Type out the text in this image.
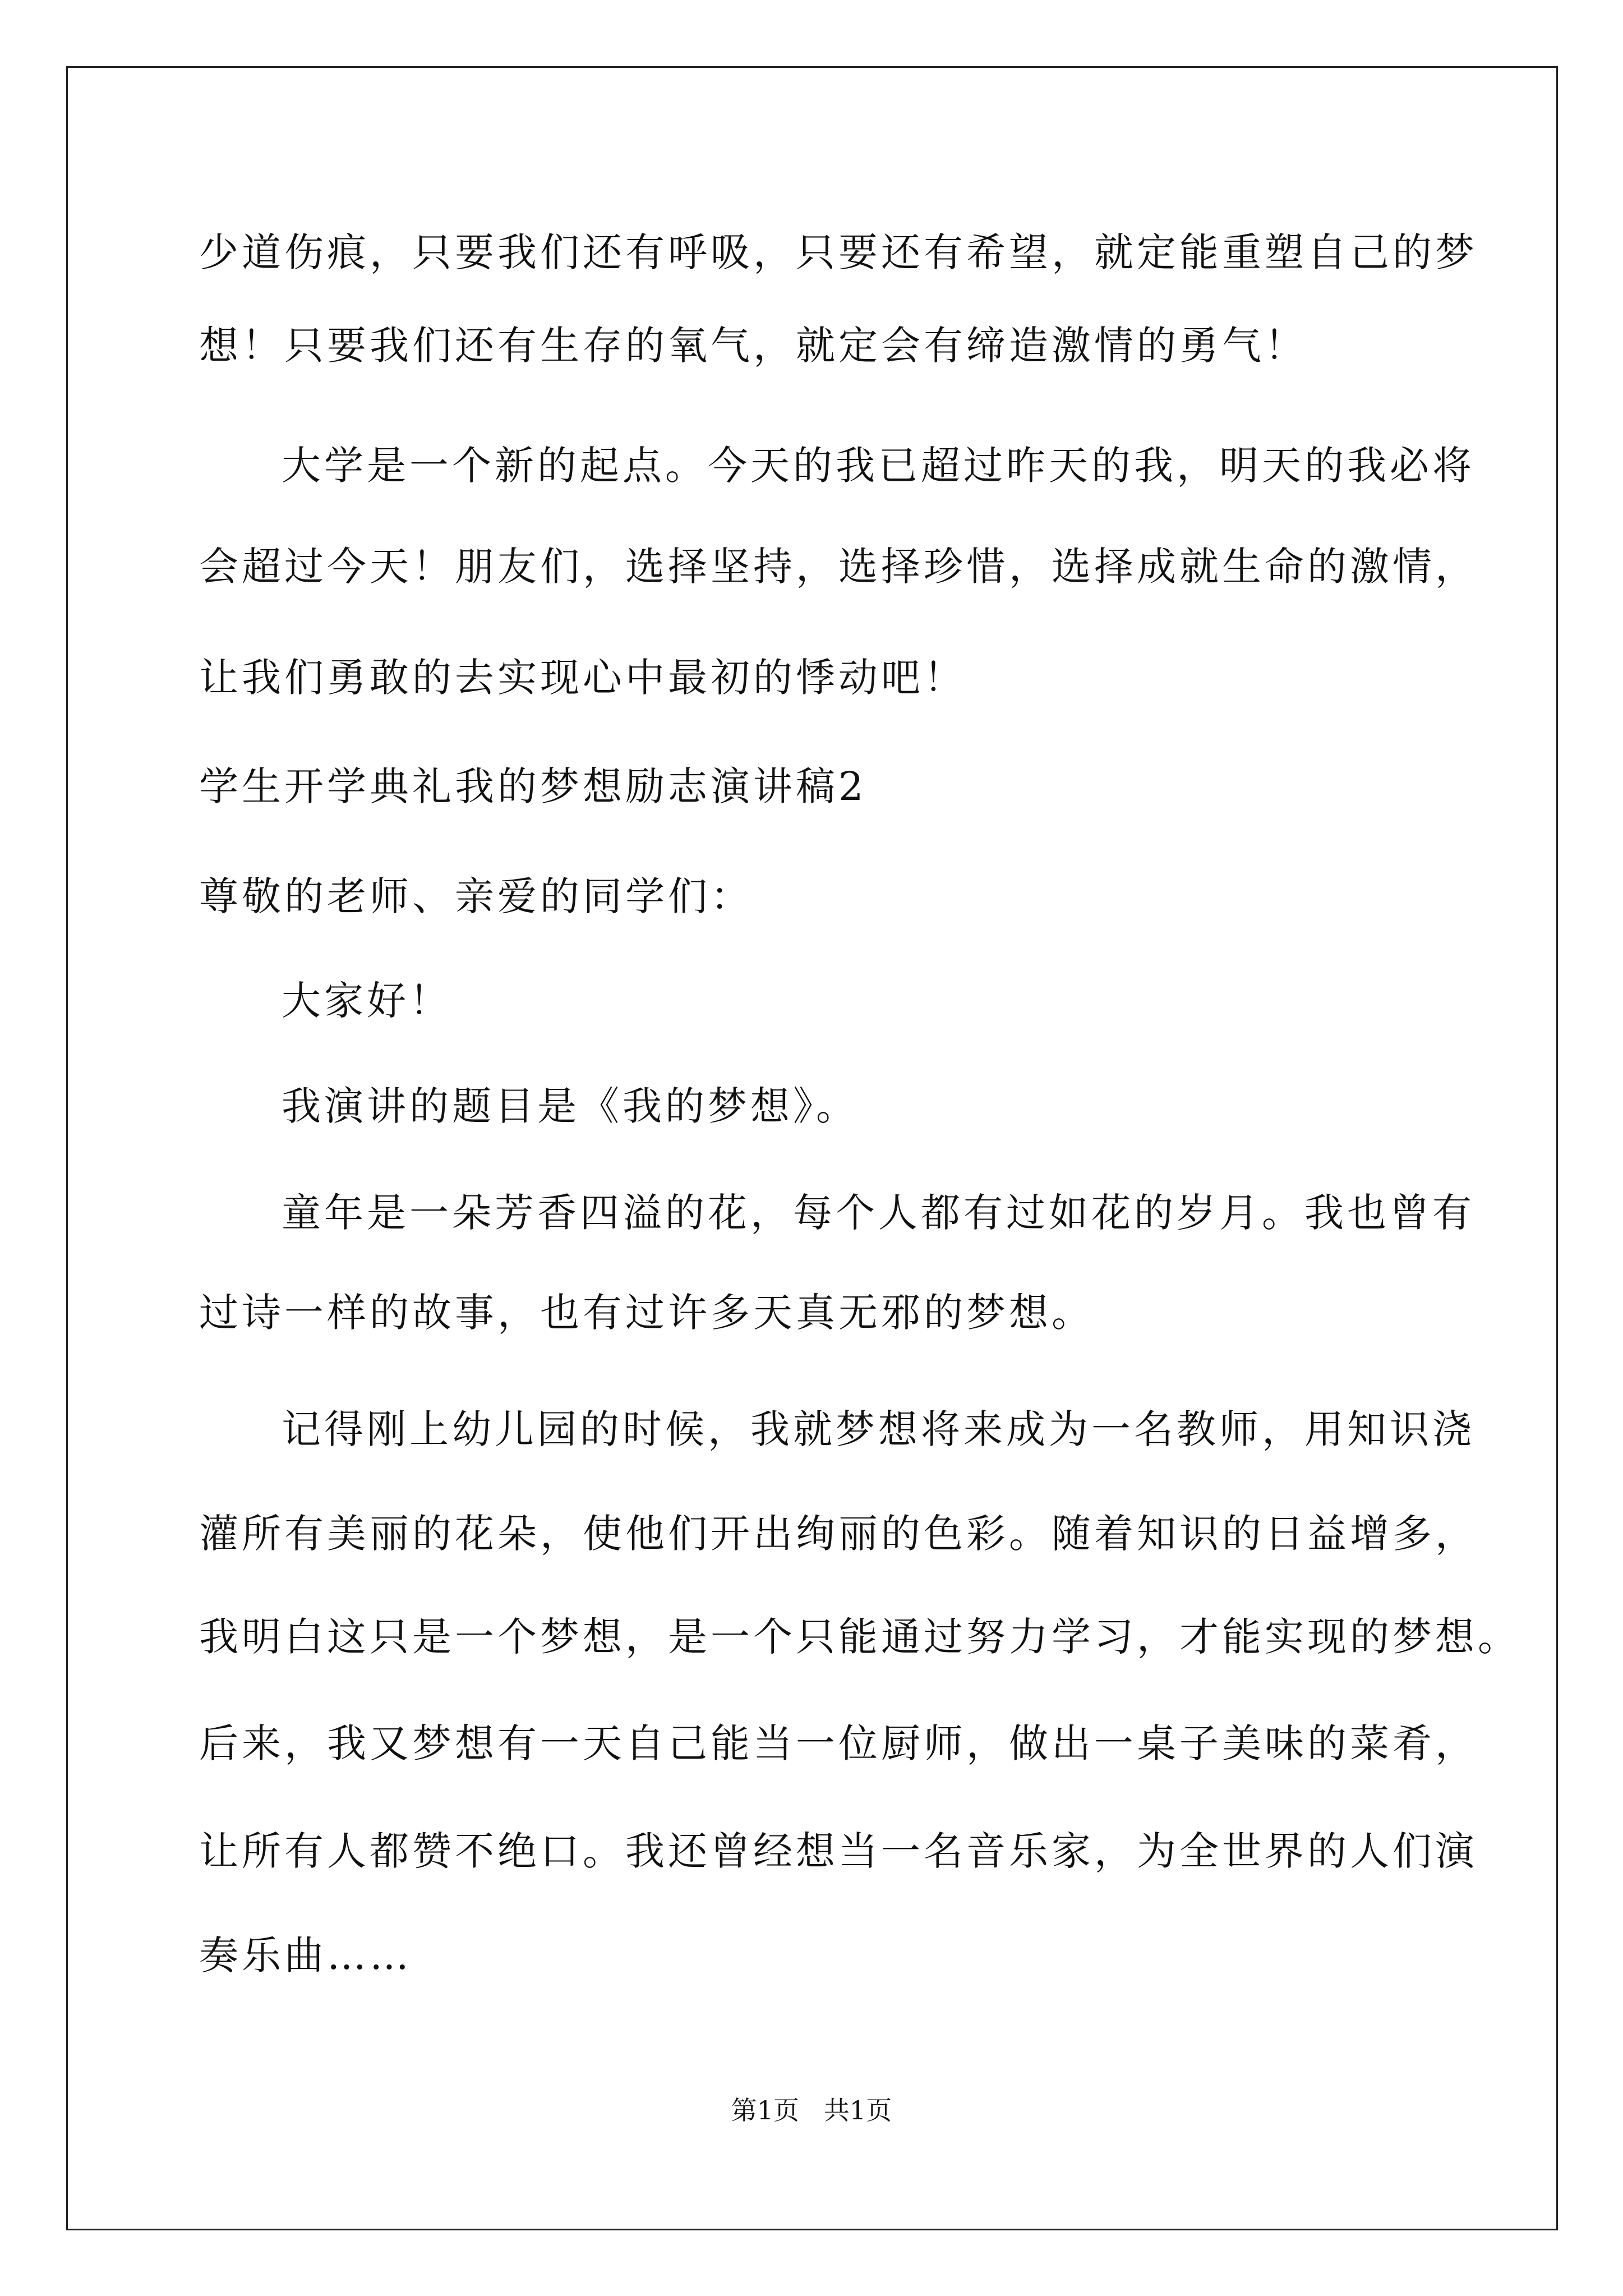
少道伤痕，只要我们还有呼吸，只要还有希望，就定能重塑自己的梦
想！只要我们还有生存的氧气，就定会有缔造激情的勇气！
大学是一个新的起点。今天的我已超过昨天的我，明天的我必将
会超过今天！朋友们，选择坚持，选择珍惜，选择成就生命的激情，
让我们勇敢的去实现心中最初的悸动吧！
学生开学典礼我的梦想励志演讲稿2
尊敬的老师、亲爱的同学们：
大家好！
我演讲的题目是《我的梦想》。
童年是一朵芳香四溢的花，每个人都有过如花的岁月。我也曾有
过诗一样的故事，也有过许多天真无邪的梦想。
记得刚上幼儿园的时候，我就梦想将来成为一名教师，用知识浇
灌所有美丽的花朵，使他们开出绚丽的色彩。随着知识的日益增多，
我明白这只是一个梦想，是一个只能通过努力学习，才能实现的梦想。
后来，我又梦想有一天自己能当一位厨师，做出一桌子美味的菜肴，
让所有人都赞不绝口。我还曾经想当一名音乐家，为全世界的人们演
奏乐曲……
第1页   共1页
